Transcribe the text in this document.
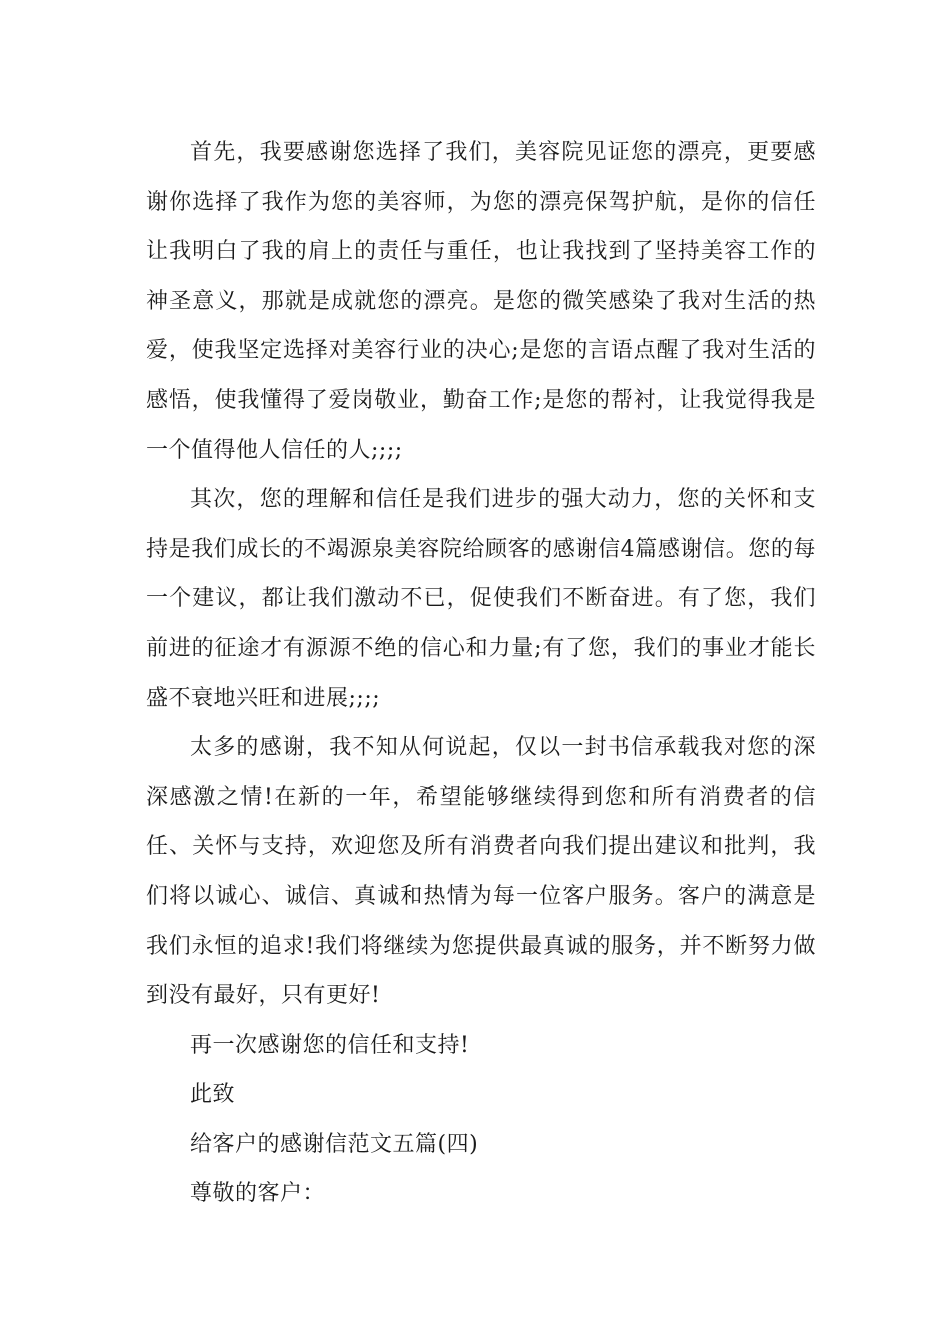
首先，我要感谢您选择了我们，美容院见证您的漂亮，更要感谢你选择了我作为您的美容师，为您的漂亮保驾护航，是你的信任让我明白了我的肩上的责任与重任，也让我找到了坚持美容工作的神圣意义，那就是成就您的漂亮。是您的微笑感染了我对生活的热爱，使我坚定选择对美容行业的决心;是您的言语点醒了我对生活的感悟，使我懂得了爱岗敬业，勤奋工作;是您的帮衬，让我觉得我是一个值得他人信任的人;;;;

其次，您的理解和信任是我们进步的强大动力，您的关怀和支持是我们成长的不竭源泉美容院给顾客的感谢信4篇感谢信。您的每一个建议，都让我们激动不已，促使我们不断奋进。有了您，我们前进的征途才有源源不绝的信心和力量;有了您，我们的事业才能长盛不衰地兴旺和进展;;;;

太多的感谢，我不知从何说起，仅以一封书信承载我对您的深深感激之情!在新的一年，希望能够继续得到您和所有消费者的信任、关怀与支持，欢迎您及所有消费者向我们提出建议和批判，我们将以诚心、诚信、真诚和热情为每一位客户服务。客户的满意是我们永恒的追求!我们将继续为您提供最真诚的服务，并不断努力做到没有最好，只有更好!

再一次感谢您的信任和支持!

此致

给客户的感谢信范文五篇(四)

尊敬的客户：
